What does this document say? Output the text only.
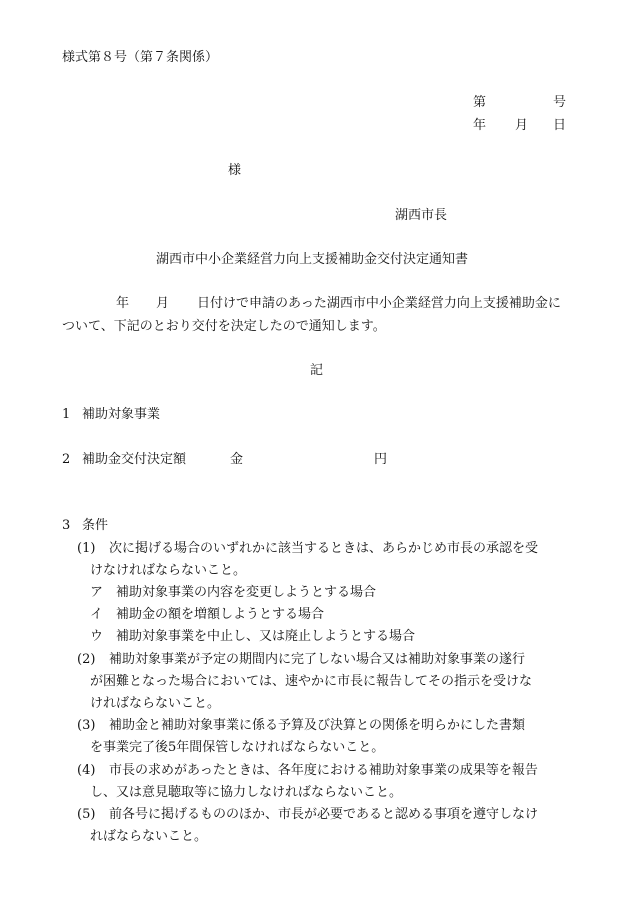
様式第８号（第７条関係）
第	号
年 月 日
様
湖西市長
湖西市中小企業経営力向上支援補助金交付決定通知書
年 月 日付けで申請のあった湖西市中小企業経営力向上支援補助金に
ついて、下記のとおり交付を決定したので通知します。
記
1 補助対象事業
2 補助金交付決定額	金	円
3 条件
(1) 次に掲げる場合のいずれかに該当するときは、あらかじめ市長の承認を受
けなければならないこと。
ア 補助対象事業の内容を変更しようとする場合
イ 補助金の額を増額しようとする場合
ウ 補助対象事業を中止し、又は廃止しようとする場合
(2) 補助対象事業が予定の期間内に完了しない場合又は補助対象事業の遂行
が困難となった場合においては、速やかに市長に報告してその指示を受けな
ければならないこと。
(3) 補助金と補助対象事業に係る予算及び決算との関係を明らかにした書類
を事業完了後5年間保管しなければならないこと。
(4) 市長の求めがあったときは、各年度における補助対象事業の成果等を報告
し、又は意見聴取等に協力しなければならないこと。
(5) 前各号に掲げるもののほか、市長が必要であると認める事項を遵守しなけ
ればならないこと。
